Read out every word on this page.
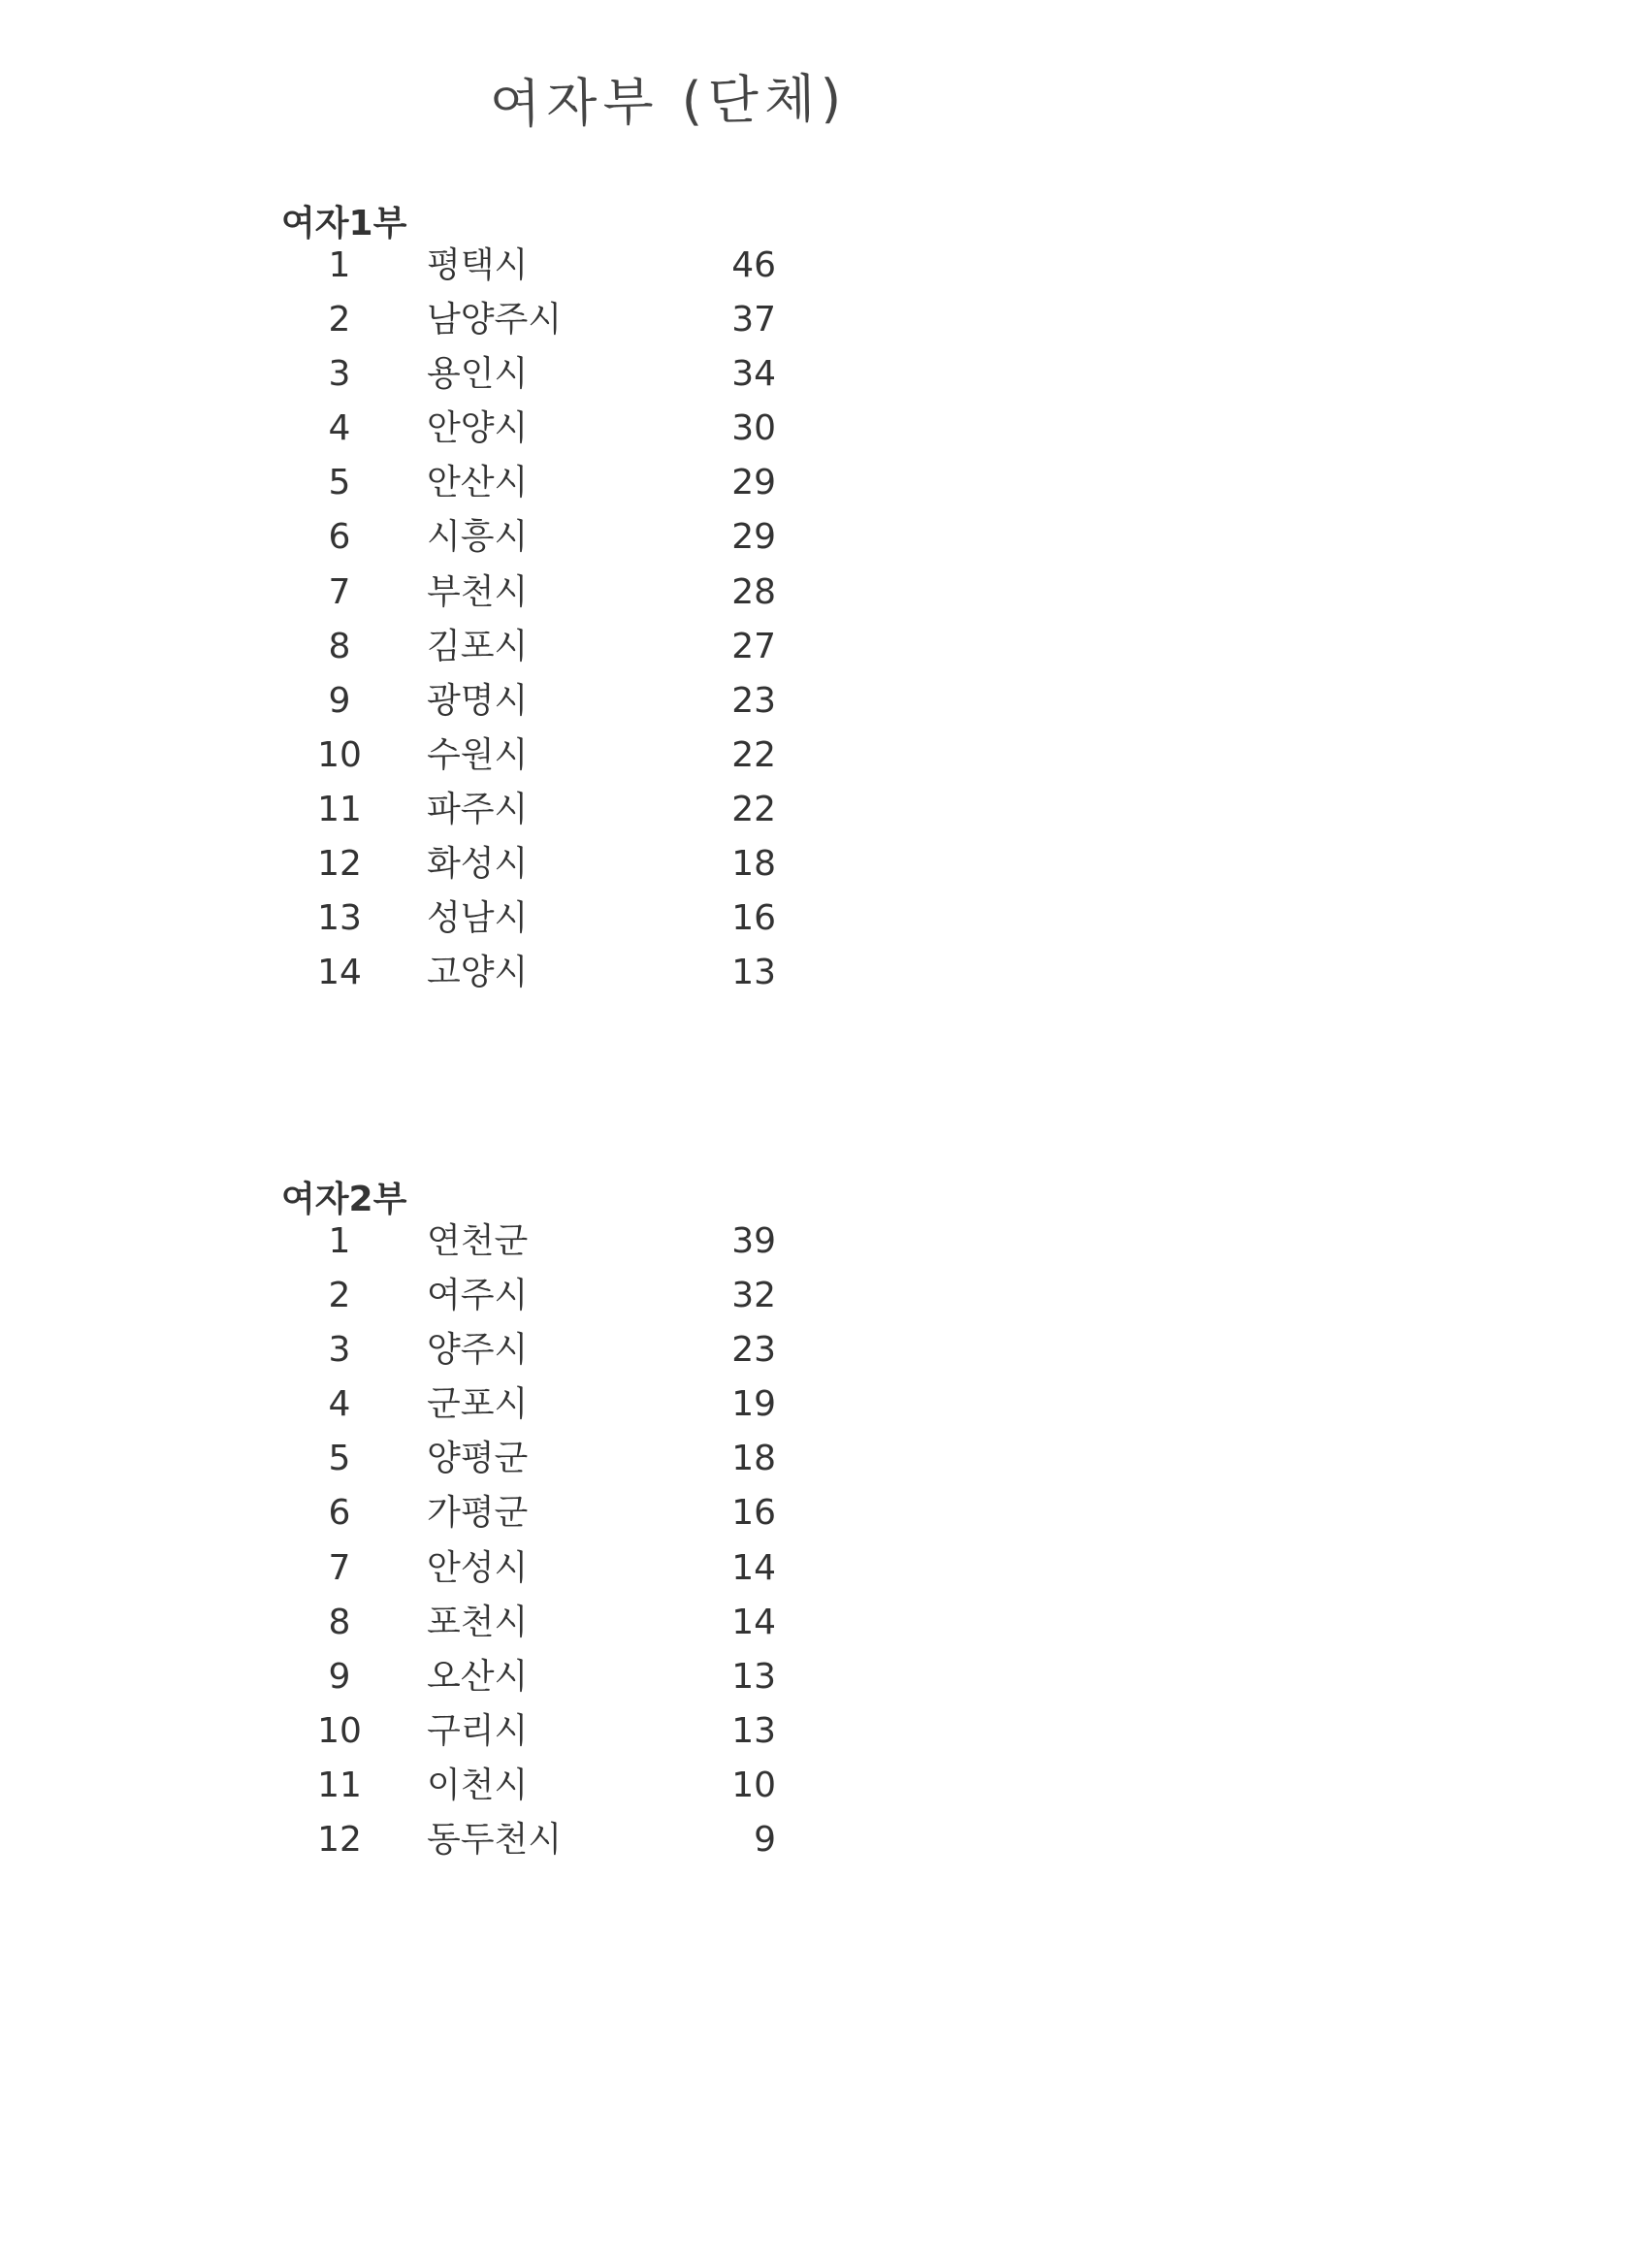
여자부 (단체)
여자1부
1	평택시	46
2	남양주시	37
3	용인시	34
4	안양시	30
5	안산시	29
6	시흥시	29
7	부천시	28
8	김포시	27
9	광명시	23
10	수원시	22
11	파주시	22
12	화성시	18
13	성남시	16
14	고양시	13
여자2부
1	연천군	39
2	여주시	32
3	양주시	23
4	군포시	19
5	양평군	18
6	가평군	16
7	안성시	14
8	포천시	14
9	오산시	13
10	구리시	13
11	이천시	10
12	동두천시	9
